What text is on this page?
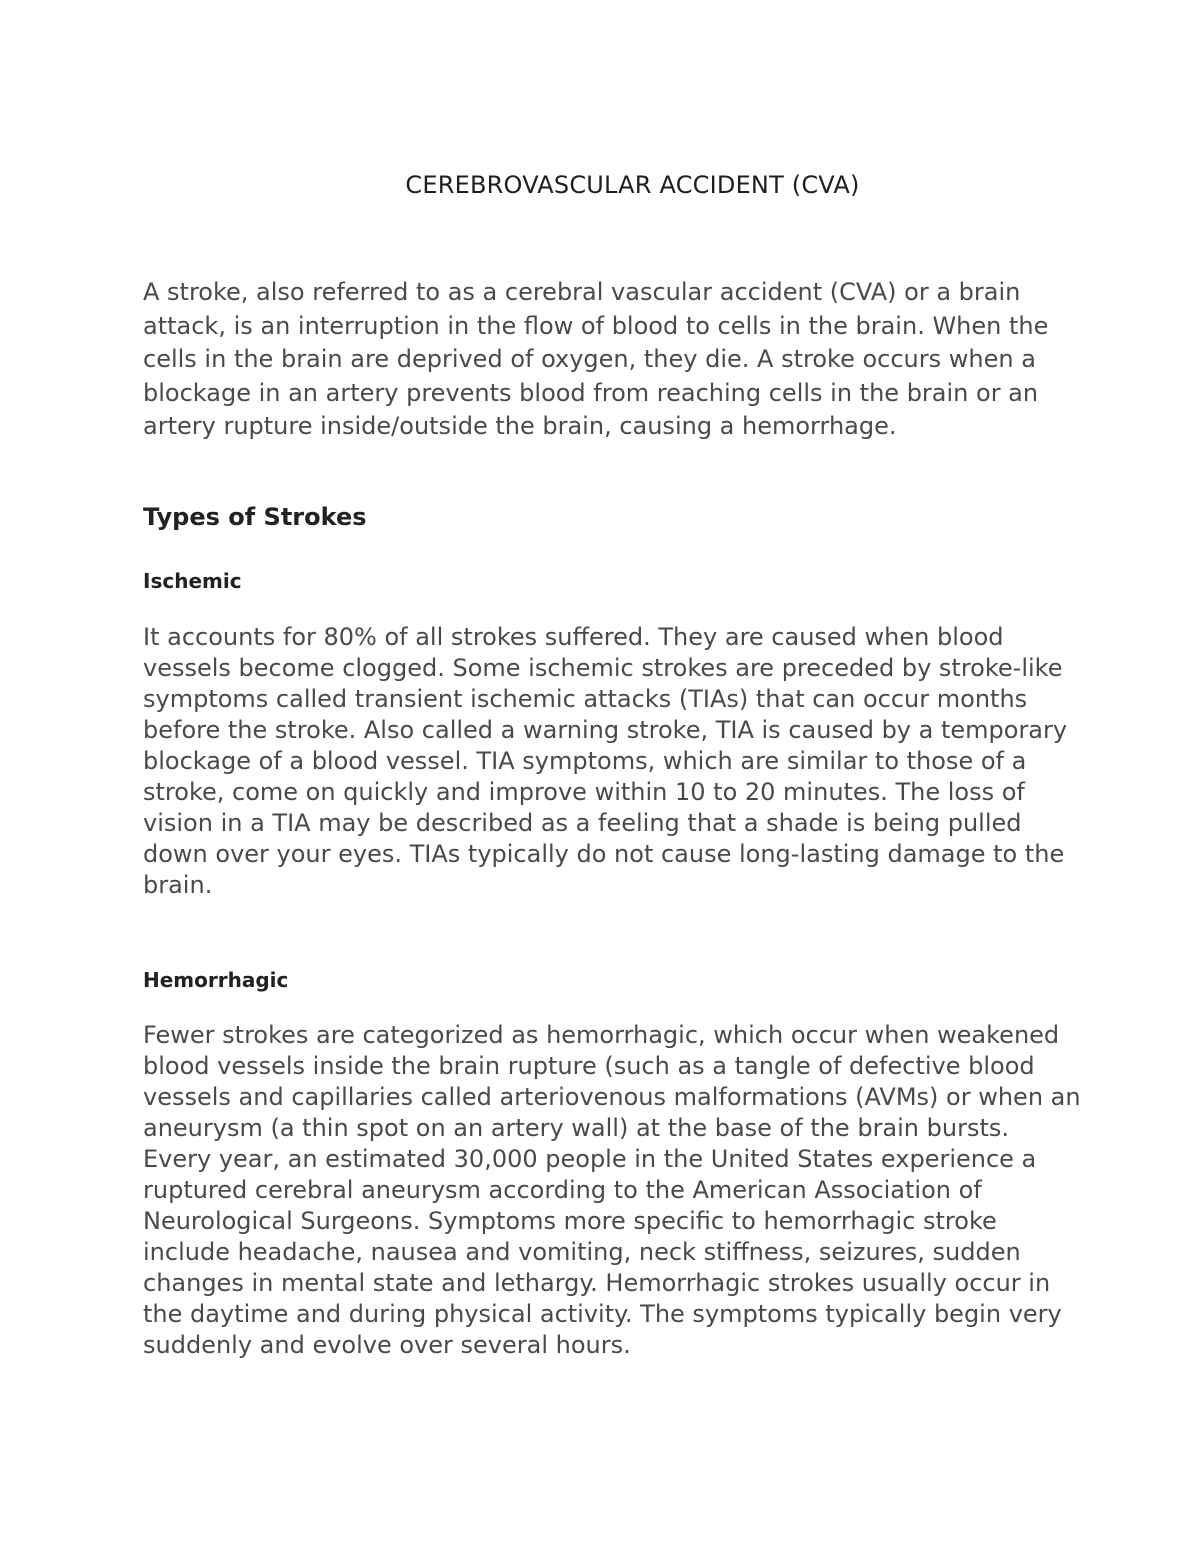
CEREBROVASCULAR ACCIDENT (CVA)

A stroke, also referred to as a cerebral vascular accident (CVA) or a brain attack, is an interruption in the flow of blood to cells in the brain. When the cells in the brain are deprived of oxygen, they die. A stroke occurs when a blockage in an artery prevents blood from reaching cells in the brain or an artery rupture inside/outside the brain, causing a hemorrhage.

Types of Strokes
Ischemic

It accounts for 80% of all strokes suffered. They are caused when blood vessels become clogged. Some ischemic strokes are preceded by stroke-like symptoms called transient ischemic attacks (TIAs) that can occur months before the stroke. Also called a warning stroke, TIA is caused by a temporary blockage of a blood vessel. TIA symptoms, which are similar to those of a stroke, come on quickly and improve within 10 to 20 minutes. The loss of vision in a TIA may be described as a feeling that a shade is being pulled down over your eyes. TIAs typically do not cause long-lasting damage to the brain.

Hemorrhagic

Fewer strokes are categorized as hemorrhagic, which occur when weakened blood vessels inside the brain rupture (such as a tangle of defective blood vessels and capillaries called arteriovenous malformations (AVMs) or when an aneurysm (a thin spot on an artery wall) at the base of the brain bursts. Every year, an estimated 30,000 people in the United States experience a ruptured cerebral aneurysm according to the American Association of Neurological Surgeons. Symptoms more specific to hemorrhagic stroke include headache, nausea and vomiting, neck stiffness, seizures, sudden changes in mental state and lethargy. Hemorrhagic strokes usually occur in the daytime and during physical activity. The symptoms typically begin very suddenly and evolve over several hours.
